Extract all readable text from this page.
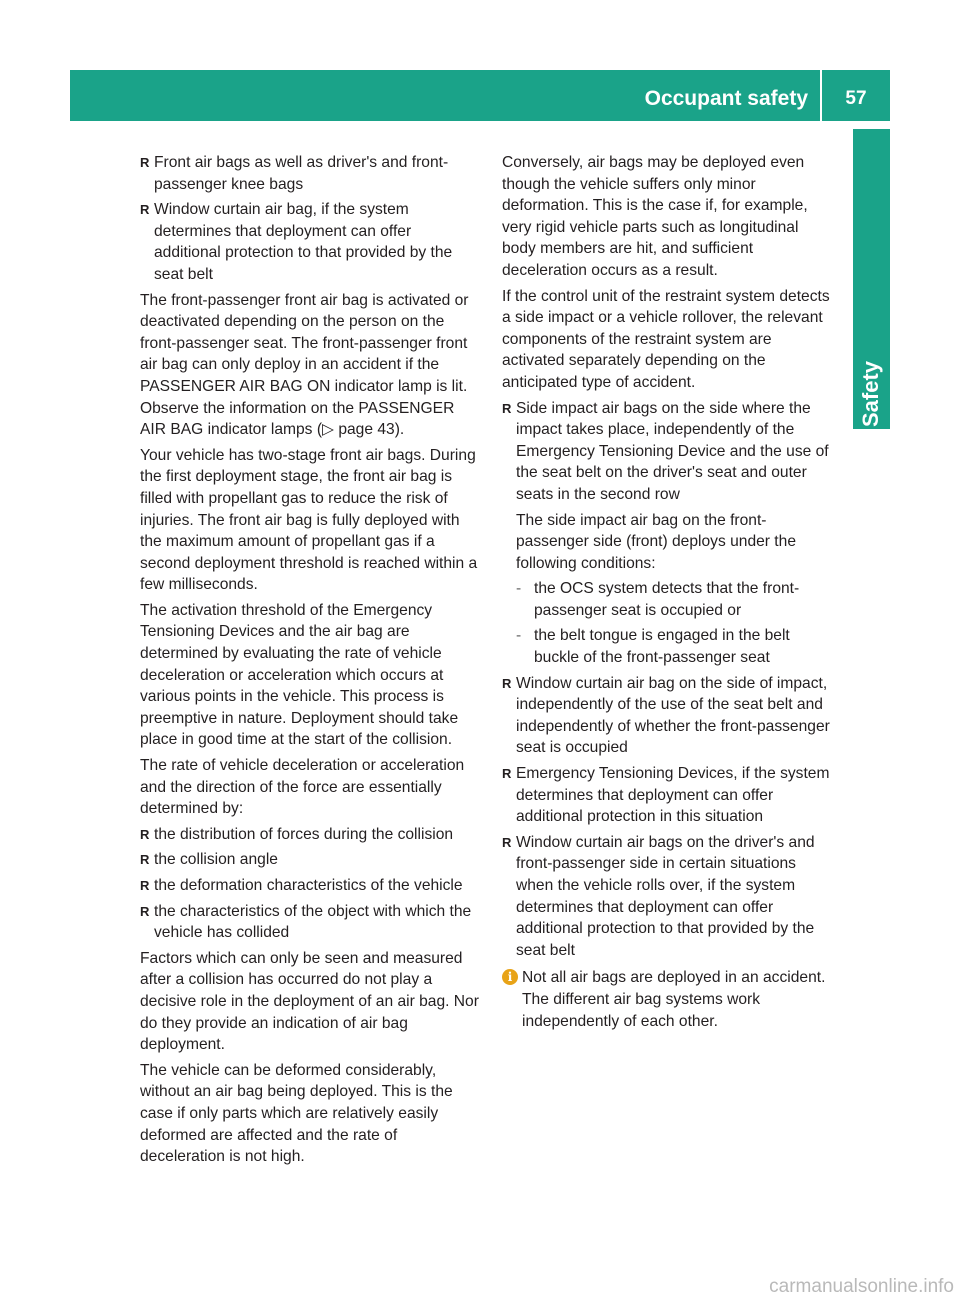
Occupant safety	57
Safety
R Front air bags as well as driver's and front-passenger knee bags
R Window curtain air bag, if the system determines that deployment can offer additional protection to that provided by the seat belt

The front-passenger front air bag is activated or deactivated depending on the person on the front-passenger seat. The front-passenger front air bag can only deploy in an accident if the PASSENGER AIR BAG ON indicator lamp is lit. Observe the information on the PASSENGER AIR BAG indicator lamps (▷ page 43).

Your vehicle has two-stage front air bags. During the first deployment stage, the front air bag is filled with propellant gas to reduce the risk of injuries. The front air bag is fully deployed with the maximum amount of propellant gas if a second deployment threshold is reached within a few milliseconds.

The activation threshold of the Emergency Tensioning Devices and the air bag are determined by evaluating the rate of vehicle deceleration or acceleration which occurs at various points in the vehicle. This process is preemptive in nature. Deployment should take place in good time at the start of the collision.

The rate of vehicle deceleration or acceleration and the direction of the force are essentially determined by:

R the distribution of forces during the collision
R the collision angle
R the deformation characteristics of the vehicle
R the characteristics of the object with which the vehicle has collided

Factors which can only be seen and measured after a collision has occurred do not play a decisive role in the deployment of an air bag. Nor do they provide an indication of air bag deployment.

The vehicle can be deformed considerably, without an air bag being deployed. This is the case if only parts which are relatively easily deformed are affected and the rate of deceleration is not high.

Conversely, air bags may be deployed even though the vehicle suffers only minor deformation. This is the case if, for example, very rigid vehicle parts such as longitudinal body members are hit, and sufficient deceleration occurs as a result.

If the control unit of the restraint system detects a side impact or a vehicle rollover, the relevant components of the restraint system are activated separately depending on the anticipated type of accident.

R Side impact air bags on the side where the impact takes place, independently of the Emergency Tensioning Device and the use of the seat belt on the driver's seat and outer seats in the second row
The side impact air bag on the front-passenger side (front) deploys under the following conditions:
- the OCS system detects that the front-passenger seat is occupied or
- the belt tongue is engaged in the belt buckle of the front-passenger seat
R Window curtain air bag on the side of impact, independently of the use of the seat belt and independently of whether the front-passenger seat is occupied
R Emergency Tensioning Devices, if the system determines that deployment can offer additional protection in this situation
R Window curtain air bags on the driver's and front-passenger side in certain situations when the vehicle rolls over, if the system determines that deployment can offer additional protection to that provided by the seat belt
i Not all air bags are deployed in an accident. The different air bag systems work independently of each other.
carmanualsonline.info
